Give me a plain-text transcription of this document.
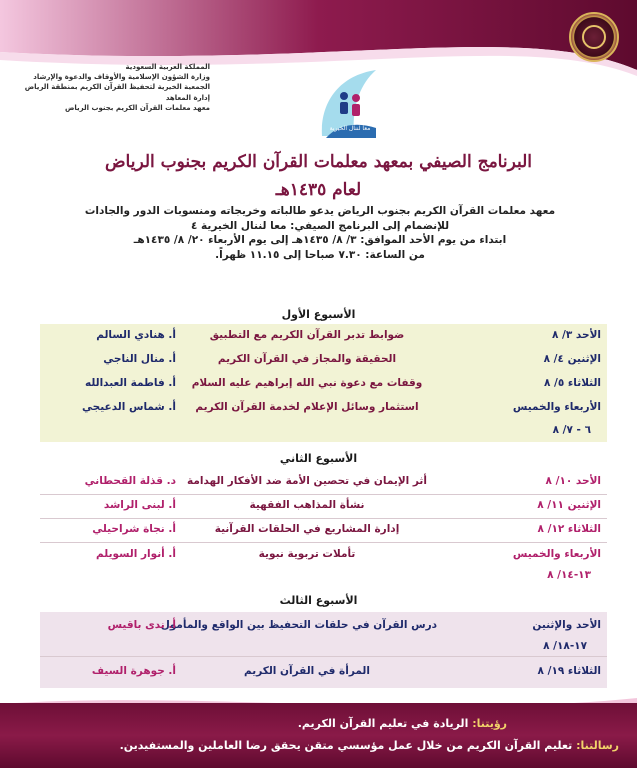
المملكة العربية السعودية
وزارة الشؤون الإسلامية والأوقاف والدعوة والإرشاد
الجمعية الخيرية لتحفيظ القرآن الكريم بمنطقة الرياض
إدارة المعاهد
معهد معلمات القرآن الكريم بجنوب الرياض
معا لننال الخيرية
البرنامج الصيفي بمعهد معلمات القرآن الكريم بجنوب الرياض
لعام ١٤٣٥هـ
معهد معلمات القرآن الكريم بجنوب الرياض يدعو طالباته وخريجاته ومنسوبات الدور والجادات
للإنضمام إلى البرنامج الصيفي: معا لننال الخيرية ٤
ابتداء من يوم الأحد الموافق: ٣/ ٨/ ١٤٣٥هـ إلى يوم الأربعاء ٢٠/ ٨/ ١٤٣٥هـ
من الساعة: ٧.٣٠ صباحا إلى ١١.١٥ ظهراً.
الأسبوع الأول
الأحد ٣/ ٨
ضوابط تدبر القرآن الكريم مع التطبيق
أ. هنادي السالم
الإثنين ٤/ ٨
الحقيقة والمجاز في القرآن الكريم
أ. منال الناجي
الثلاثاء ٥/ ٨
وقفات مع دعوة نبي الله إبراهيم عليه السلام
أ. فاطمة العبدالله
الأربعاء والخميس
استثمار وسائل الإعلام لخدمة القرآن الكريم
أ. شماس الدعيجي
٦ - ٧/ ٨
الأسبوع الثاني
الأحد ١٠/ ٨
أثر الإيمان في تحصين الأمة ضد الأفكار الهدامة
د. قذلة القحطاني
الإثنين ١١/ ٨
نشأة المذاهب الفقهية
أ. لبنى الراشد
الثلاثاء ١٢/ ٨
إدارة المشاريع في الحلقات القرآنية
أ. نجاة شراحيلي
الأربعاء والخميس
تأملات تربوية نبوية
أ. أنوار السويلم
١٣-١٤/ ٨
الأسبوع الثالث
الأحد والإثنين
درس القرآن في حلقات التحفيظ بين الواقع والمأمول
أ. ندى باقيس
١٧-١٨/ ٨
الثلاثاء ١٩/ ٨
المرأة في القرآن الكريم
أ. جوهرة السيف
رؤيتنا: الريادة في تعليم القرآن الكريم.
رسالتنا: تعليم القرآن الكريم من خلال عمل مؤسسي متقن يحقق رضا العاملين والمستفيدين.
